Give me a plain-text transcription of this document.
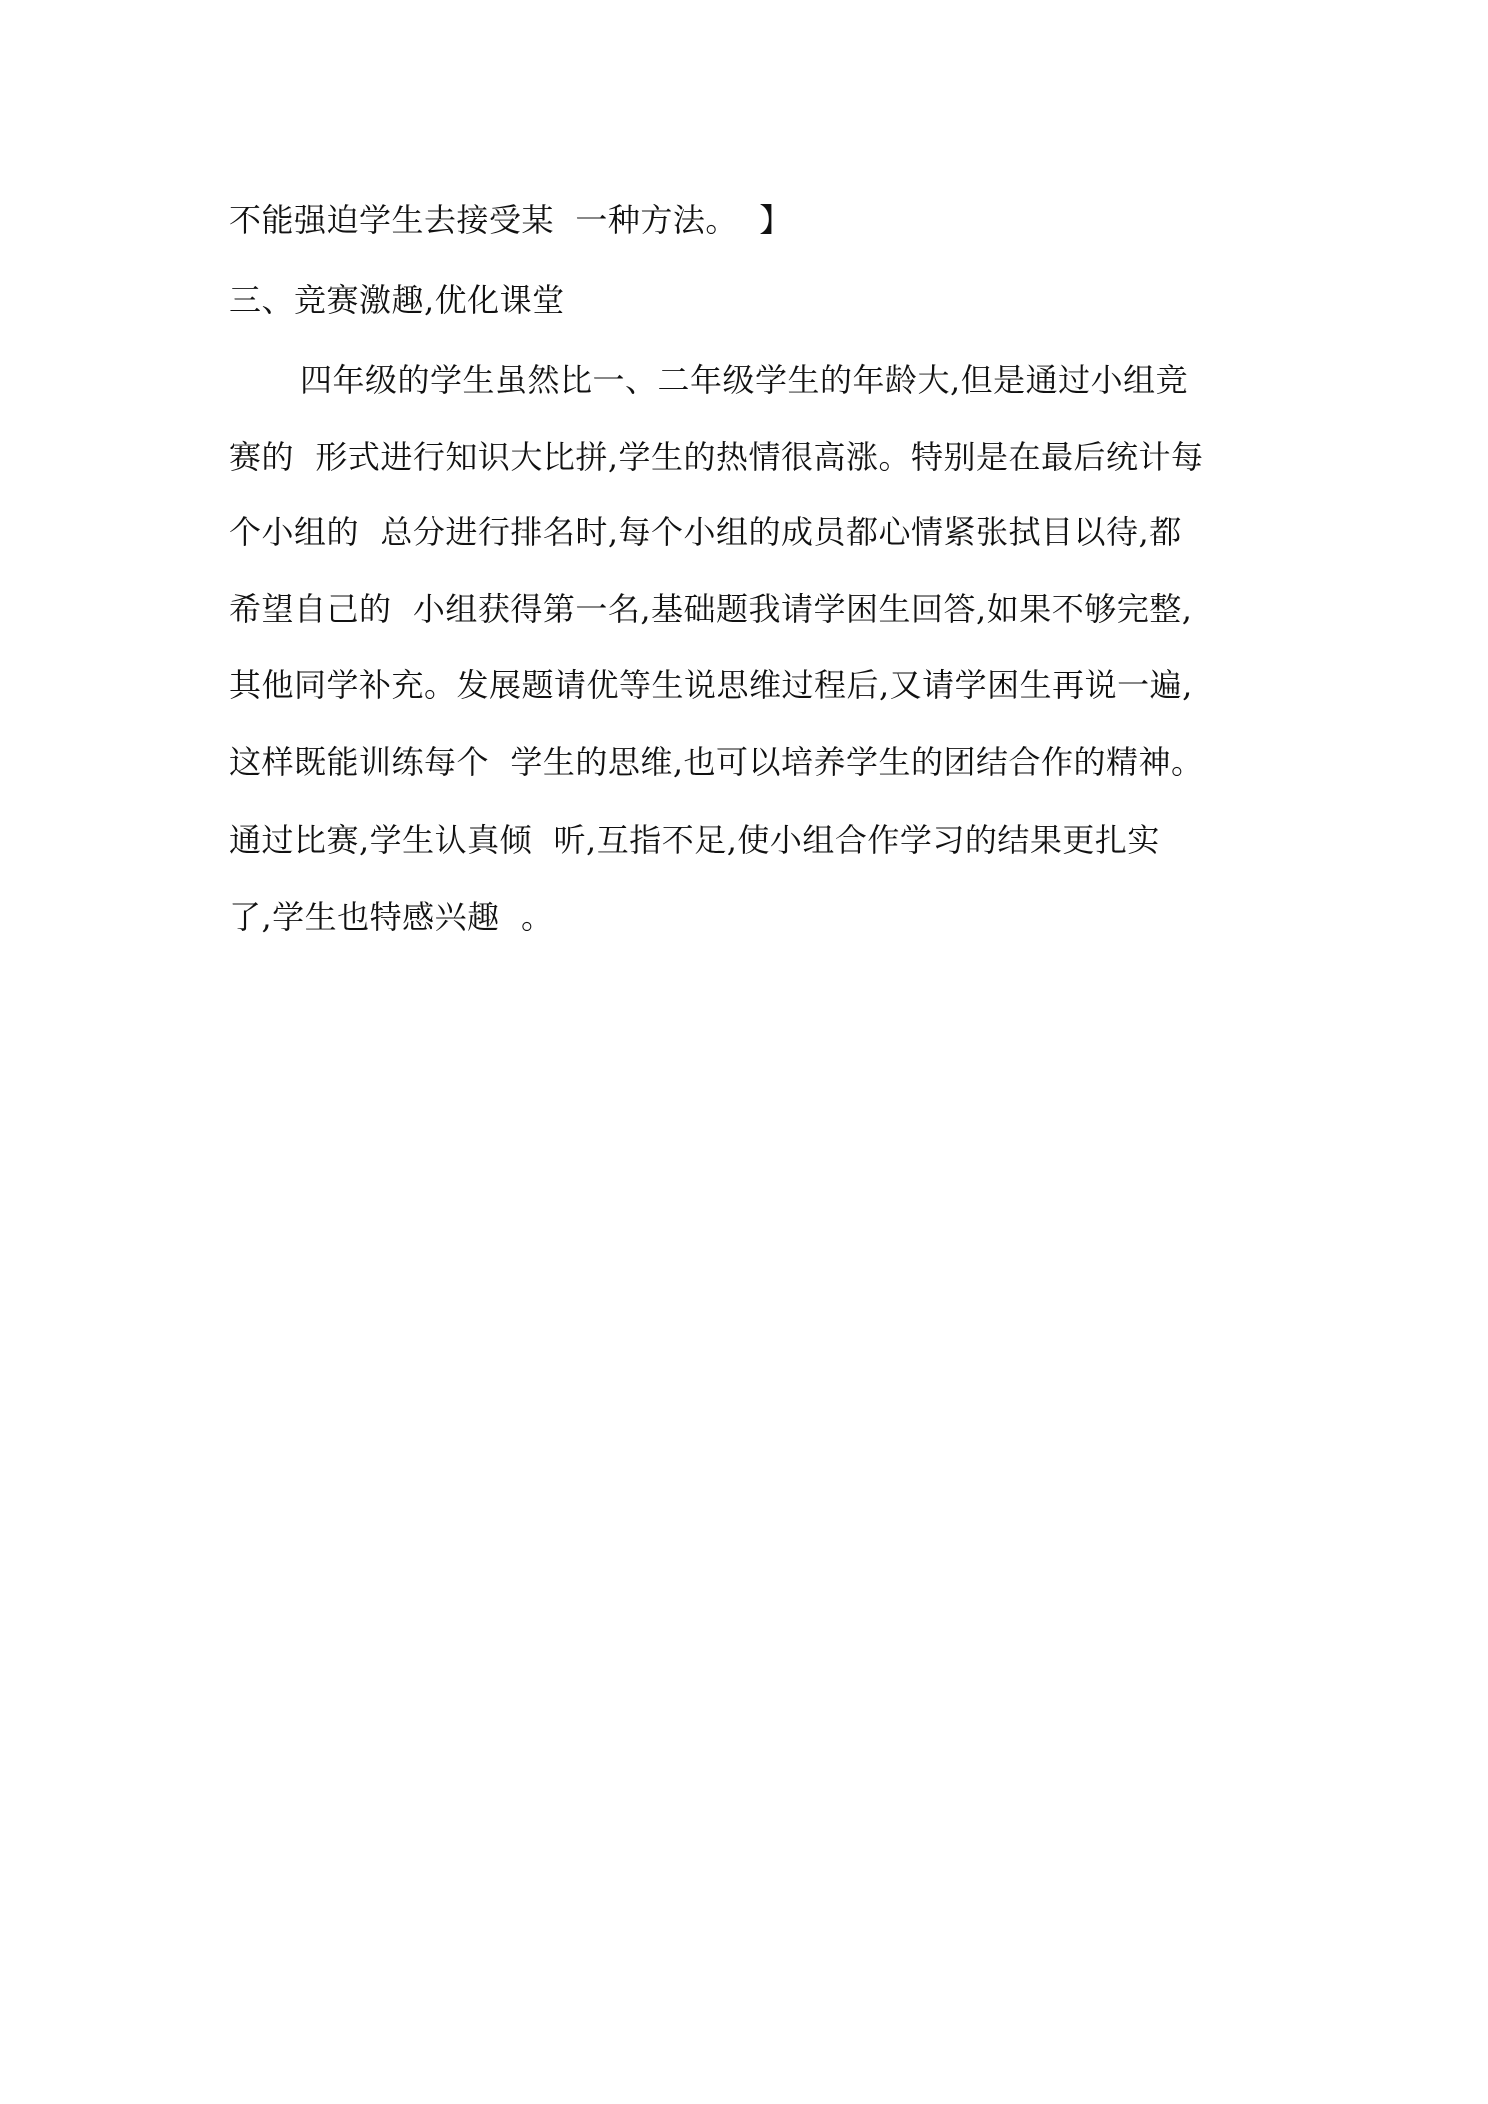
不能强迫学生去接受某  一种方法。  】

三、竞赛激趣,优化课堂

四年级的学生虽然比一、二年级学生的年龄大,但是通过小组竞

赛的  形式进行知识大比拼,学生的热情很高涨。特别是在最后统计每

个小组的  总分进行排名时,每个小组的成员都心情紧张拭目以待,都

希望自己的  小组获得第一名,基础题我请学困生回答,如果不够完整,

其他同学补充。发展题请优等生说思维过程后,又请学困生再说一遍,

这样既能训练每个  学生的思维,也可以培养学生的团结合作的精神。

通过比赛,学生认真倾  听,互指不足,使小组合作学习的结果更扎实

了,学生也特感兴趣  。
